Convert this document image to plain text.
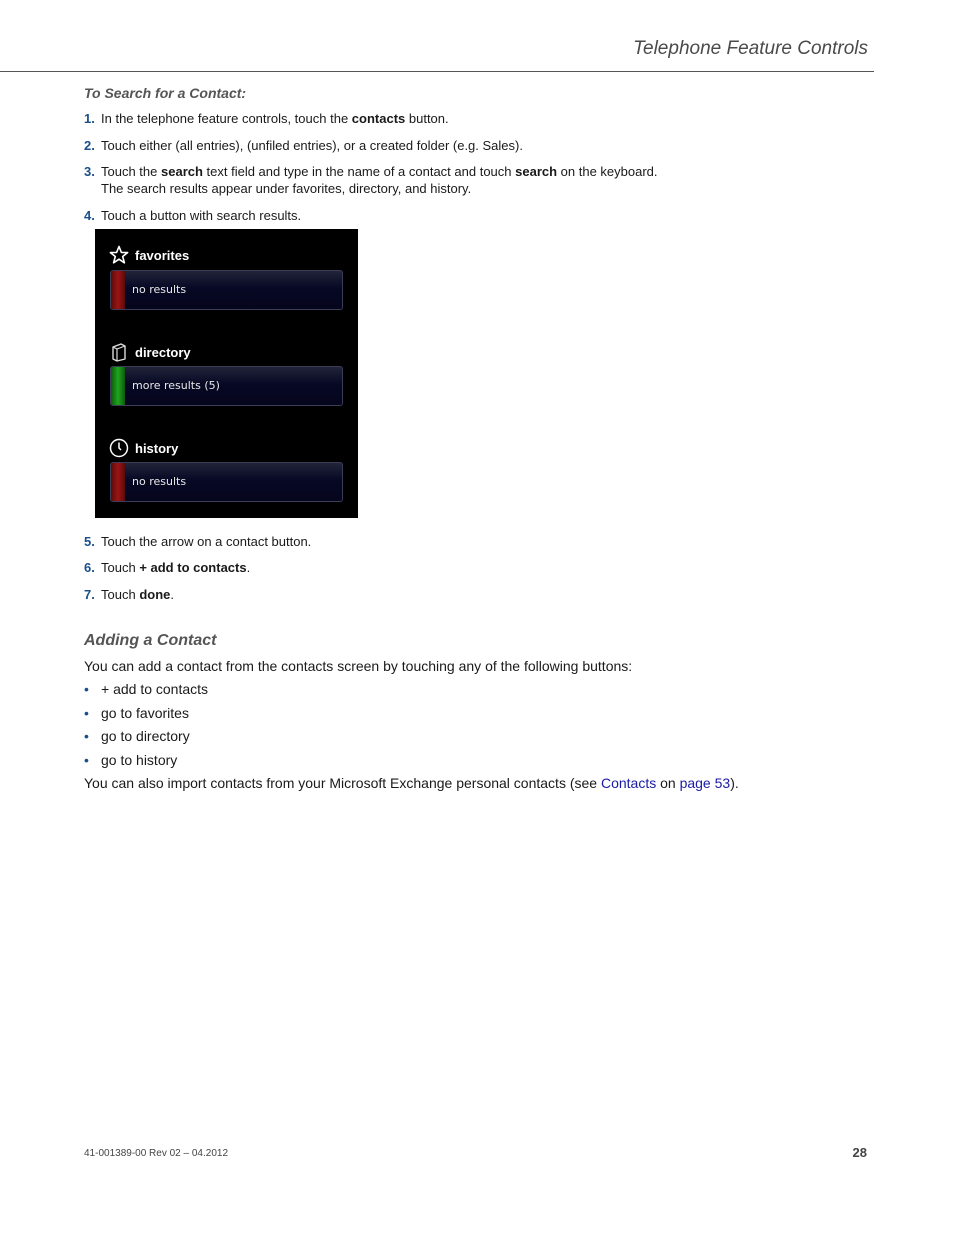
Telephone Feature Controls
To Search for a Contact:
1. In the telephone feature controls, touch the contacts button.
2. Touch either (all entries), (unfiled entries), or a created folder (e.g. Sales).
3. Touch the search text field and type in the name of a contact and touch search on the keyboard.
The search results appear under favorites, directory, and history.
4. Touch a button with search results.
favorites
no results
directory
more results (5)
history
no results
5. Touch the arrow on a contact button.
6. Touch + add to contacts.
7. Touch done.
Adding a Contact
You can add a contact from the contacts screen by touching any of the following buttons:
• + add to contacts
• go to favorites
• go to directory
• go to history
You can also import contacts from your Microsoft Exchange personal contacts (see Contacts on page 53).
41-001389-00 Rev 02 – 04.2012	28
